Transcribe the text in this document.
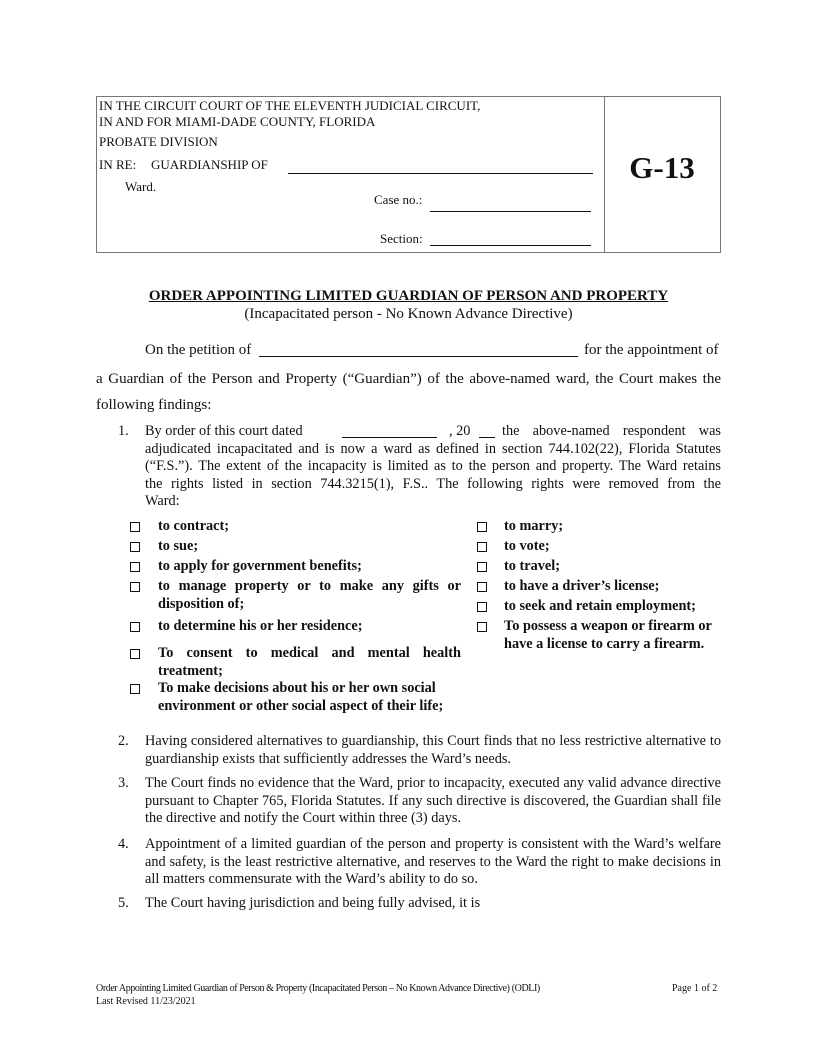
IN THE CIRCUIT COURT OF THE ELEVENTH JUDICIAL CIRCUIT,
IN AND FOR MIAMI-DADE COUNTY, FLORIDA
PROBATE DIVISION
IN RE: GUARDIANSHIP OF
Ward.
Case no.:
Section:
G-13
ORDER APPOINTING LIMITED GUARDIAN OF PERSON AND PROPERTY
(Incapacitated person - No Known Advance Directive)
On the petition of	for the appointment of
a Guardian of the Person and Property (“Guardian”) of the above-named ward, the Court makes the
following findings:
1. By order of this court dated	, 20 the above-named respondent was
adjudicated incapacitated and is now a ward as defined in section 744.102(22), Florida Statutes
(“F.S.”). The extent of the incapacity is limited as to the person and property. The Ward retains
the rights listed in section 744.3215(1), F.S.. The following rights were removed from the
Ward:
to contract;
to sue;
to apply for government benefits;
to manage property or to make any gifts or disposition of;
to determine his or her residence;
To consent to medical and mental health treatment;
To make decisions about his or her own social environment or other social aspect of their life;
to marry;
to vote;
to travel;
to have a driver’s license;
to seek and retain employment;
To possess a weapon or firearm or have a license to carry a firearm.
2. Having considered alternatives to guardianship, this Court finds that no less restrictive alternative to guardianship exists that sufficiently addresses the Ward’s needs.
3. The Court finds no evidence that the Ward, prior to incapacity, executed any valid advance directive pursuant to Chapter 765, Florida Statutes. If any such directive is discovered, the Guardian shall file the directive and notify the Court within three (3) days.
4. Appointment of a limited guardian of the person and property is consistent with the Ward’s welfare and safety, is the least restrictive alternative, and reserves to the Ward the right to make decisions in all matters commensurate with the Ward’s ability to do so.
5. The Court having jurisdiction and being fully advised, it is
Order Appointing Limited Guardian of Person & Property (Incapacitated Person – No Known Advance Directive) (ODLI)
Last Revised 11/23/2021
Page 1 of 2
